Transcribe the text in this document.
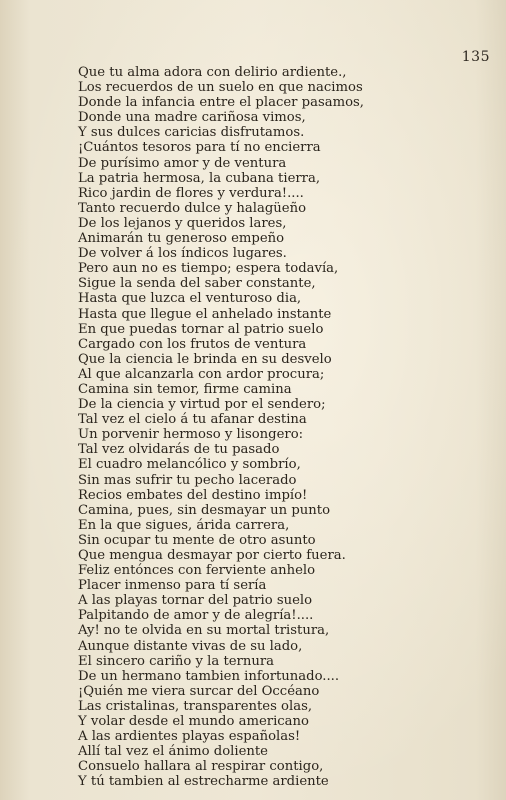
135
Que tu alma adora con delirio ardiente.,
Los recuerdos de un suelo en que nacimos
Donde la infancia entre el placer pasamos,
Donde una madre cariñosa vimos,
Y sus dulces caricias disfrutamos.
¡Cuántos tesoros para tí no encierra
De purísimo amor y de ventura
La patria hermosa, la cubana tierra,
Rico jardin de flores y verdura!....
Tanto recuerdo dulce y halagüeño
De los lejanos y queridos lares,
Animarán tu generoso empeño
De volver á los índicos lugares.
Pero aun no es tiempo; espera todavía,
Sigue la senda del saber constante,
Hasta que luzca el venturoso dia,
Hasta que llegue el anhelado instante
En que puedas tornar al patrio suelo
Cargado con los frutos de ventura
Que la ciencia le brinda en su desvelo
Al que alcanzarla con ardor procura;
Camina sin temor, firme camina
De la ciencia y virtud por el sendero;
Tal vez el cielo á tu afanar destina
Un porvenir hermoso y lisongero:
Tal vez olvidarás de tu pasado
El cuadro melancólico y sombrío,
Sin mas sufrir tu pecho lacerado
Recios embates del destino impío!
Camina, pues, sin desmayar un punto
En la que sigues, árida carrera,
Sin ocupar tu mente de otro asunto
Que mengua desmayar por cierto fuera.
Feliz entónces con ferviente anhelo
Placer inmenso para tí sería
A las playas tornar del patrio suelo
Palpitando de amor y de alegría!....
Ay! no te olvida en su mortal tristura,
Aunque distante vivas de su lado,
El sincero cariño y la ternura
De un hermano tambien infortunado....
¡Quién me viera surcar del Occéano
Las cristalinas, transparentes olas,
Y volar desde el mundo americano
A las ardientes playas españolas!
Allí tal vez el ánimo doliente
Consuelo hallara al respirar contigo,
Y tú tambien al estrecharme ardiente
